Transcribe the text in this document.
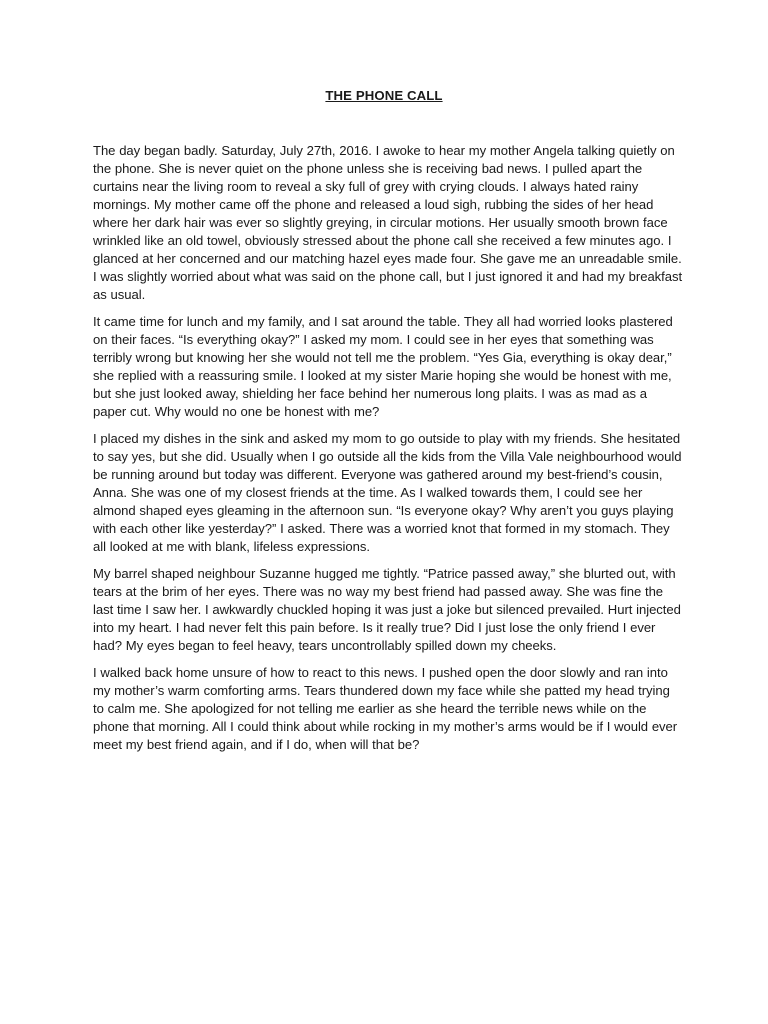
THE PHONE CALL

The day began badly. Saturday, July 27th, 2016. I awoke to hear my mother Angela talking quietly on the phone. She is never quiet on the phone unless she is receiving bad news. I pulled apart the curtains near the living room to reveal a sky full of grey with crying clouds. I always hated rainy mornings. My mother came off the phone and released a loud sigh, rubbing the sides of her head where her dark hair was ever so slightly greying, in circular motions. Her usually smooth brown face wrinkled like an old towel, obviously stressed about the phone call she received a few minutes ago. I glanced at her concerned and our matching hazel eyes made four. She gave me an unreadable smile. I was slightly worried about what was said on the phone call, but I just ignored it and had my breakfast as usual.

It came time for lunch and my family, and I sat around the table. They all had worried looks plastered on their faces. “Is everything okay?” I asked my mom. I could see in her eyes that something was terribly wrong but knowing her she would not tell me the problem. “Yes Gia, everything is okay dear,” she replied with a reassuring smile. I looked at my sister Marie hoping she would be honest with me, but she just looked away, shielding her face behind her numerous long plaits. I was as mad as a paper cut. Why would no one be honest with me?

I placed my dishes in the sink and asked my mom to go outside to play with my friends. She hesitated to say yes, but she did. Usually when I go outside all the kids from the Villa Vale neighbourhood would be running around but today was different. Everyone was gathered around my best-friend’s cousin, Anna. She was one of my closest friends at the time. As I walked towards them, I could see her almond shaped eyes gleaming in the afternoon sun. “Is everyone okay? Why aren’t you guys playing with each other like yesterday?” I asked. There was a worried knot that formed in my stomach. They all looked at me with blank, lifeless expressions.

My barrel shaped neighbour Suzanne hugged me tightly. “Patrice passed away,” she blurted out, with tears at the brim of her eyes. There was no way my best friend had passed away. She was fine the last time I saw her. I awkwardly chuckled hoping it was just a joke but silenced prevailed. Hurt injected into my heart. I had never felt this pain before. Is it really true? Did I just lose the only friend I ever had? My eyes began to feel heavy, tears uncontrollably spilled down my cheeks.

I walked back home unsure of how to react to this news. I pushed open the door slowly and ran into my mother’s warm comforting arms. Tears thundered down my face while she patted my head trying to calm me. She apologized for not telling me earlier as she heard the terrible news while on the phone that morning. All I could think about while rocking in my mother’s arms would be if I would ever meet my best friend again, and if I do, when will that be?
